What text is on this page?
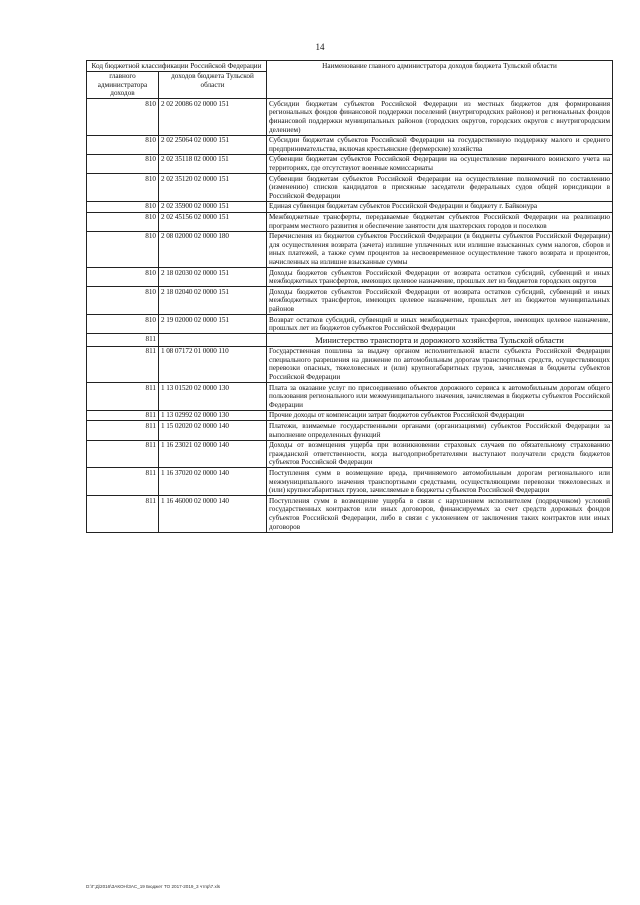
14
Код бюджетной классификации Российской Федерации		Наименование главного администратора доходов бюджета Тульской области
главного администратора доходов	доходов бюджета Тульской области	
810	2 02 20086 02 0000 151	Субсидии бюджетам субъектов Российской Федерации из местных бюджетов для формирования региональных фондов финансовой поддержки поселений (внутригородских районов) и региональных фондов финансовой поддержки муниципальных районов (городских округов, городских округов с внутригородским делением)
810	2 02 25064 02 0000 151	Субсидии бюджетам субъектов Российской Федерации на государственную поддержку малого и среднего предпринимательства, включая крестьянские (фермерские) хозяйства
810	2 02 35118 02 0000 151	Субвенции бюджетам субъектов Российской Федерации на осуществление первичного воинского учета на территориях, где отсутствуют военные комиссариаты
810	2 02 35120 02 0000 151	Субвенции бюджетам субъектов Российской Федерации на осуществление полномочий по составлению (изменению) списков кандидатов в присяжные заседатели федеральных судов общей юрисдикции в Российской Федерации
810	2 02 35900 02 0000 151	Единая субвенция бюджетам субъектов Российской Федерации и бюджету г. Байконура
810	2 02 45156 02 0000 151	Межбюджетные трансферты, передаваемые бюджетам субъектов Российской Федерации на реализацию программ местного развития и обеспечение занятости для шахтерских городов и поселков
810	2 08 02000 02 0000 180	Перечисления из бюджетов субъектов Российской Федерации (в бюджеты субъектов Российской Федерации) для осуществления возврата (зачета) излишне уплаченных или излишне взысканных сумм налогов, сборов и иных платежей, а также сумм процентов за несвоевременное осуществление такого возврата и процентов, начисленных на излишне взысканные суммы
810	2 18 02030 02 0000 151	Доходы бюджетов субъектов Российской Федерации от возврата остатков субсидий, субвенций и иных межбюджетных трансфертов, имеющих целевое назначение, прошлых лет из бюджетов городских округов
810	2 18 02040 02 0000 151	Доходы бюджетов субъектов Российской Федерации от возврата остатков субсидий, субвенций и иных межбюджетных трансфертов, имеющих целевое назначение, прошлых лет из бюджетов муниципальных районов
810	2 19 02000 02 0000 151	Возврат остатков субсидий, субвенций и иных межбюджетных трансфертов, имеющих целевое назначение, прошлых лет из бюджетов субъектов Российской Федерации
811		Министерство транспорта и дорожного хозяйства Тульской области
811	1 08 07172 01 0000 110	Государственная пошлина за выдачу органом исполнительной власти субъекта Российской Федерации специального разрешения на движение по автомобильным дорогам транспортных средств, осуществляющих перевозки опасных, тяжеловесных и (или) крупногабаритных грузов, зачисляемая в бюджеты субъектов Российской Федерации
811	1 13 01520 02 0000 130	Плата за оказание услуг по присоединению объектов дорожного сервиса к автомобильным дорогам общего пользования регионального или межмуниципального значения, зачисляемая в бюджеты субъектов Российской Федерации
811	1 13 02992 02 0000 130	Прочие доходы от компенсации затрат бюджетов субъектов Российской Федерации
811	1 15 02020 02 0000 140	Платежи, взимаемые государственными органами (организациями) субъектов Российской Федерации за выполнение определенных функций
811	1 16 23021 02 0000 140	Доходы от возмещения ущерба при возникновении страховых случаев по обязательному страхованию гражданской ответственности, когда выгодоприобретателями выступают получатели средств бюджетов субъектов Российской Федерации
811	1 16 37020 02 0000 140	Поступления сумм в возмещение вреда, причиняемого автомобильным дорогам регионального или межмуниципального значения транспортными средствами, осуществляющими перевозки тяжеловесных и (или) крупногабаритных грузов, зачисляемые в бюджеты субъектов Российской Федерации
811	1 16 46000 02 0000 140	Поступления сумм в возмещение ущерба в связи с нарушением исполнителем (подрядчиком) условий государственных контрактов или иных договоров, финансируемых за счет средств дорожных фондов субъектов Российской Федерации, либо в связи с уклонением от заключения таких контрактов или иных договоров
D:\Г:Д\2016\ЗАКОН\ЗАС_19 Бюджет ТО 2017-2019_3 чтпр\7.xls
